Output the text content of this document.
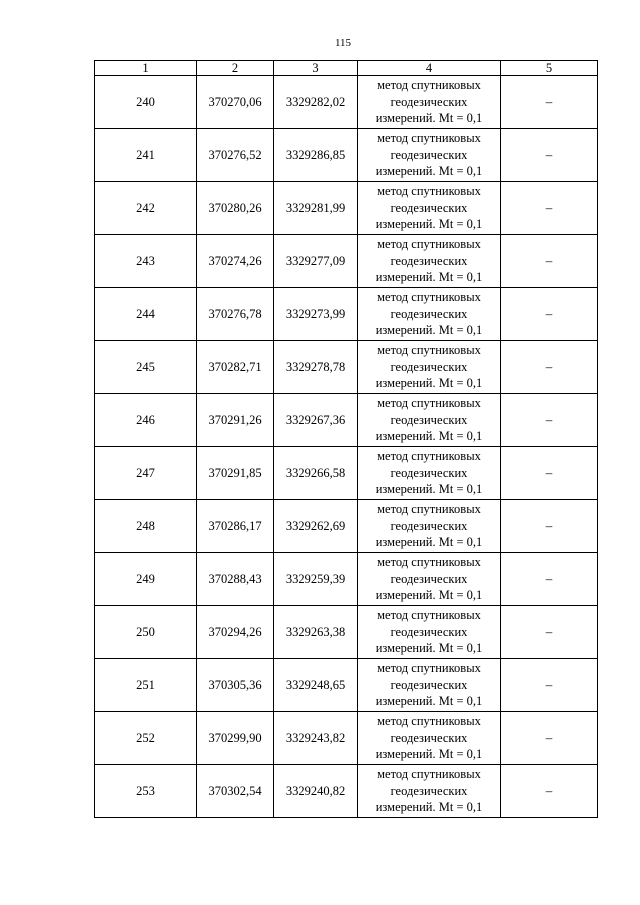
115
1	2	3	4	5
240	370270,06	3329282,02	метод спутниковых
геодезических
измерений. Mt = 0,1	–
241	370276,52	3329286,85	метод спутниковых
геодезических
измерений. Mt = 0,1	–
242	370280,26	3329281,99	метод спутниковых
геодезических
измерений. Mt = 0,1	–
243	370274,26	3329277,09	метод спутниковых
геодезических
измерений. Mt = 0,1	–
244	370276,78	3329273,99	метод спутниковых
геодезических
измерений. Mt = 0,1	–
245	370282,71	3329278,78	метод спутниковых
геодезических
измерений. Mt = 0,1	–
246	370291,26	3329267,36	метод спутниковых
геодезических
измерений. Mt = 0,1	–
247	370291,85	3329266,58	метод спутниковых
геодезических
измерений. Mt = 0,1	–
248	370286,17	3329262,69	метод спутниковых
геодезических
измерений. Mt = 0,1	–
249	370288,43	3329259,39	метод спутниковых
геодезических
измерений. Mt = 0,1	–
250	370294,26	3329263,38	метод спутниковых
геодезических
измерений. Mt = 0,1	–
251	370305,36	3329248,65	метод спутниковых
геодезических
измерений. Mt = 0,1	–
252	370299,90	3329243,82	метод спутниковых
геодезических
измерений. Mt = 0,1	–
253	370302,54	3329240,82	метод спутниковых
геодезических
измерений. Mt = 0,1	–
